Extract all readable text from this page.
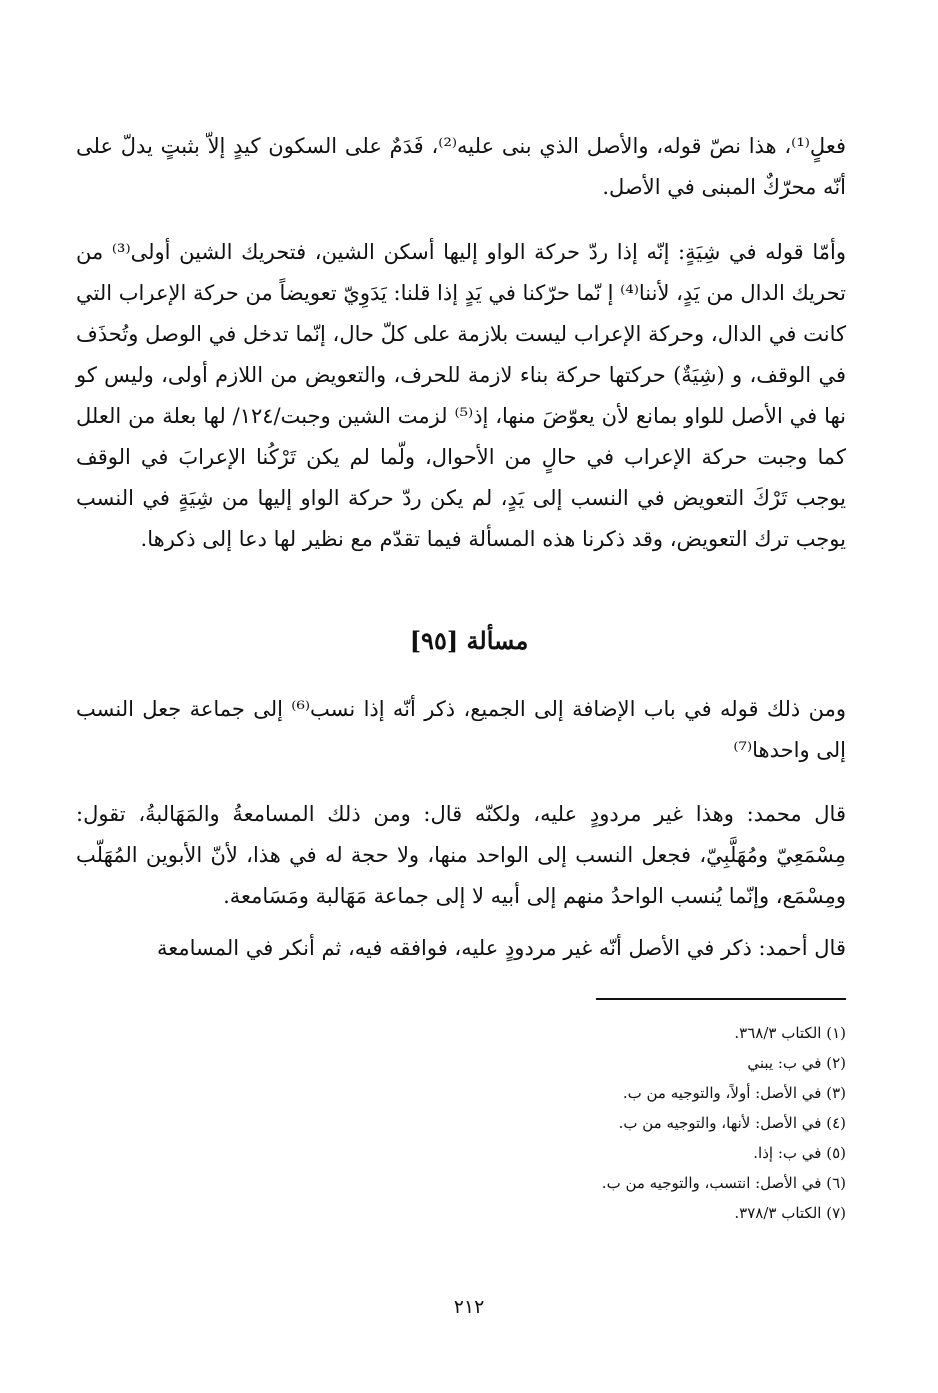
فعلٍ⁽¹⁾، هذا نصّ قوله، والأصل الذي بنى عليه⁽²⁾، فَدَمٌ على السكون كيدٍ إلاّ بثبتٍ يدلّ على أنّه محرّكٌ المبنى في الأصل.

وأمّا قوله في شِيَةٍ: إنّه إذا ردّ حركة الواو إليها أسكن الشين، فتحريك الشين أولى⁽³⁾ من تحريك الدال من يَدٍ، لأننا⁽⁴⁾ إ نّما حرّكنا في يَدٍ إذا قلنا: يَدَوِيّ تعويضاً من حركة الإعراب التي كانت في الدال، وحركة الإعراب ليست بلازمة على كلّ حال، إنّما تدخل في الوصل وتُحذَف في الوقف، و (شِيَةٌ) حركتها حركة بناء لازمة للحرف، والتعويض من اللازم أولى، وليس كو نها في الأصل للواو بمانع لأن يعوّضَ منها، إذ⁽⁵⁾ لزمت الشين وجبت/١٢٤/ لها بعلة من العلل كما وجبت حركة الإعراب في حالٍ من الأحوال، ولّما لم يكن تَرْكُنا الإعرابَ في الوقف يوجب تَرْكَ التعويض في النسب إلى يَدٍ، لم يكن ردّ حركة الواو إليها من شِيَةٍ في النسب يوجب ترك التعويض، وقد ذكرنا هذه المسألة فيما تقدّم مع نظير لها دعا إلى ذكرها.

مسألة [٩٥]

ومن ذلك قوله في باب الإضافة إلى الجميع، ذكر أنّه إذا نسب⁽⁶⁾ إلى جماعة جعل النسب إلى واحدها⁽⁷⁾

قال محمد: وهذا غير مردودٍ عليه، ولكنّه قال: ومن ذلك المسامعةُ والمَهَالبةُ، تقول: مِسْمَعِيّ ومُهَلَّبِيّ، فجعل النسب إلى الواحد منها، ولا حجة له في هذا، لأنّ الأبوين المُهَلّب ومِسْمَع، وإنّما يُنسب الواحدُ منهم إلى أبيه لا إلى جماعة مَهَالبة ومَسَامعة.

قال أحمد: ذكر في الأصل أنّه غير مردودٍ عليه، فوافقه فيه، ثم أنكر في المسامعة

(١) الكتاب ٣٦٨/٣.
(٢) في ب: يبني
(٣) في الأصل: أولاً، والتوجيه من ب.
(٤) في الأصل: لأنها، والتوجيه من ب.
(٥) في ب: إذا.
(٦) في الأصل: انتسب، والتوجيه من ب.
(٧) الكتاب ٣٧٨/٣.
٢١٢
